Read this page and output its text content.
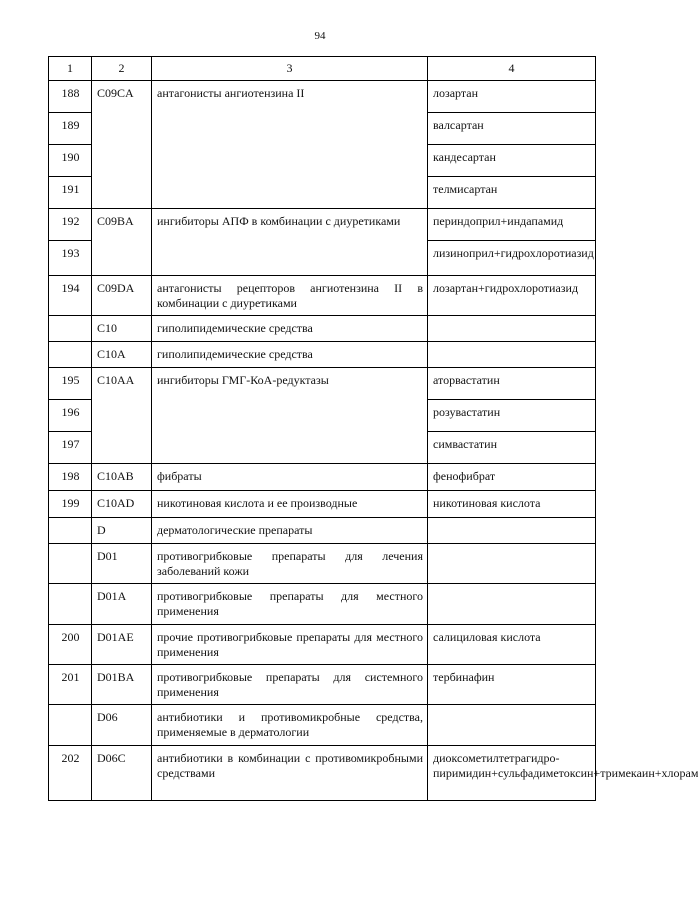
94
1	2	3	4
188	C09CA	антагонисты ангиотензина II	лозартан
189			валсартан
190			кандесартан
191			телмисартан
192	C09BA	ингибиторы АПФ в комбинации с диуретиками	периндоприл+индапамид
193			лизиноприл+гидрохлоротиазид
194	C09DA	антагонисты рецепторов ангиотензина II в комбинации с диуретиками	лозартан+гидрохлоротиазид
	C10	гиполипидемические средства	
	C10A	гиполипидемические средства	
195	C10AA	ингибиторы ГМГ-КоА-редуктазы	аторвастатин
196			розувастатин
197			симвастатин
198	C10AB	фибраты	фенофибрат
199	C10AD	никотиновая кислота и ее производные	никотиновая кислота
	D	дерматологические препараты	
	D01	противогрибковые препараты для лечения заболеваний кожи	
	D01A	противогрибковые препараты для местного применения	
200	D01AE	прочие противогрибковые препараты для местного применения	салициловая кислота
201	D01BA	противогрибковые препараты для системного применения	тербинафин
	D06	антибиотики и противомикробные средства, применяемые в дерматологии	
202	D06C	антибиотики в комбинации с противомикробными средствами	диоксометилтетрагидро-пиримидин+сульфадиметоксин+тримекаин+хлорам
